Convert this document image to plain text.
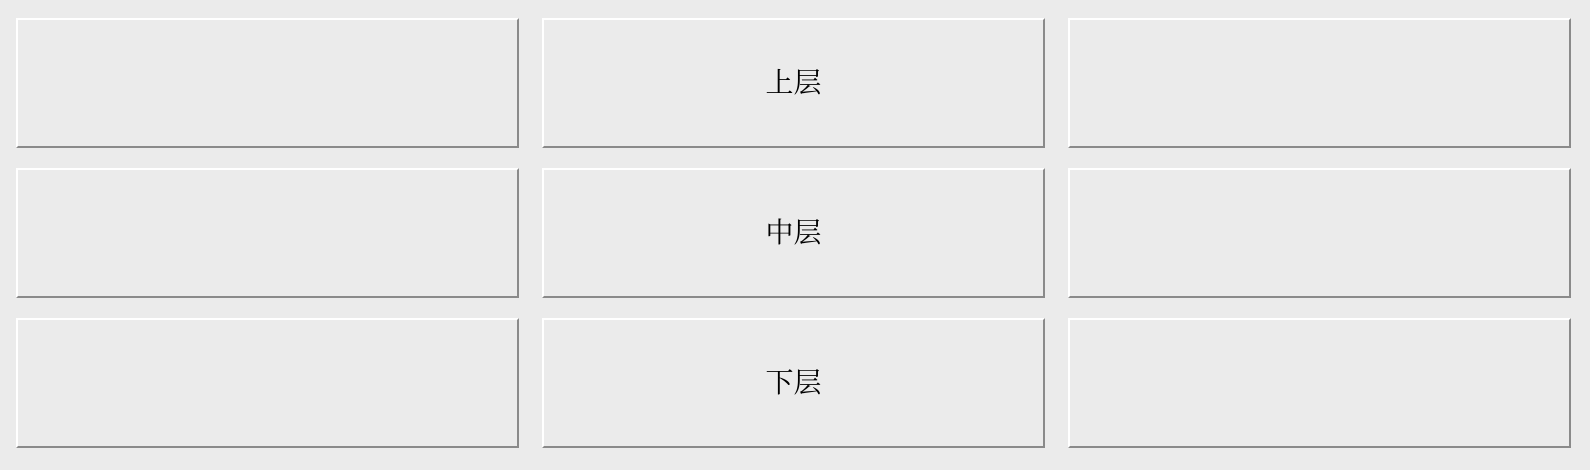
上层
中层
下层
